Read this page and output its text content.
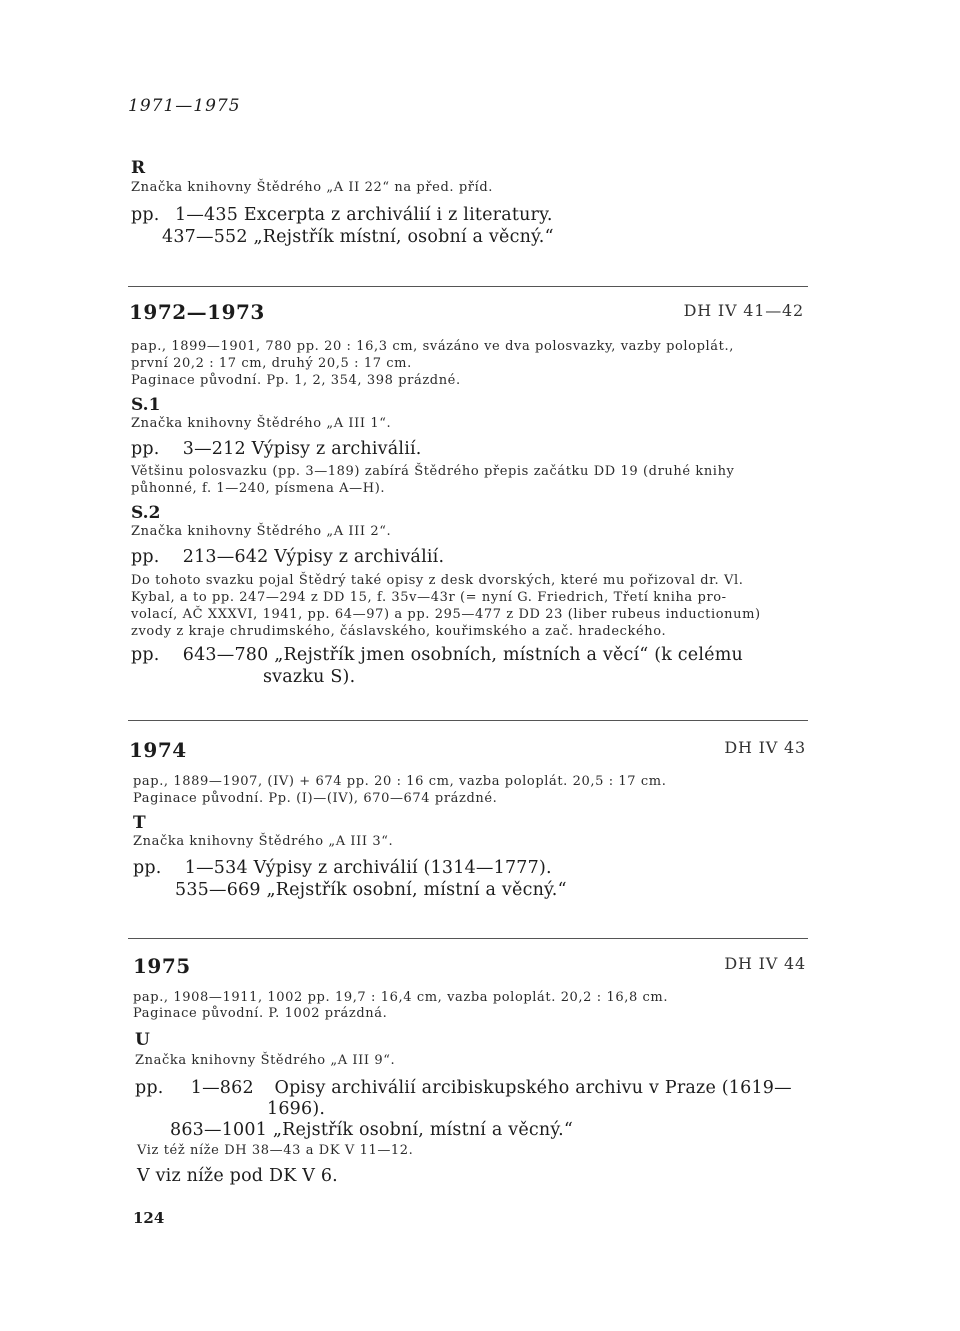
1971—1975
R
Značka knihovny Štědrého „A II 22“ na před. příd.
pp. 1—435 Excerpta z archiválií i z literatury.
437—552 „Rejstřík místní, osobní a věcný.“
1972—1973	DH IV 41—42
pap., 1899—1901, 780 pp. 20 : 16,3 cm, svázáno ve dva polosvazky, vazby poloplát.,
první 20,2 : 17 cm, druhý 20,5 : 17 cm.
Paginace původní. Pp. 1, 2, 354, 398 prázdné.
S.1
Značka knihovny Štědrého „A III 1“.
pp. 3—212 Výpisy z archiválií.
Většinu polosvazku (pp. 3—189) zabírá Štědrého přepis začátku DD 19 (druhé knihy
půhonné, f. 1—240, písmena A—H).
S.2
Značka knihovny Štědrého „A III 2“.
pp. 213—642 Výpisy z archiválií.
Do tohoto svazku pojal Štědrý také opisy z desk dvorských, které mu pořizoval dr. Vl.
Kybal, a to pp. 247—294 z DD 15, f. 35v—43r (= nyní G. Friedrich, Třetí kniha pro-
volací, AČ XXXVI, 1941, pp. 64—97) a pp. 295—477 z DD 23 (liber rubeus inductionum)
zvody z kraje chrudimského, čáslavského, kouřimského a zač. hradeckého.
pp. 643—780 „Rejstřík jmen osobních, místních a věcí“ (k celému
svazku S).
1974	DH IV 43
pap., 1889—1907, (IV) + 674 pp. 20 : 16 cm, vazba poloplát. 20,5 : 17 cm.
Paginace původní. Pp. (I)—(IV), 670—674 prázdné.
T
Značka knihovny Štědrého „A III 3“.
pp. 1—534 Výpisy z archiválií (1314—1777).
535—669 „Rejstřík osobní, místní a věcný.“
1975	DH IV 44
pap., 1908—1911, 1002 pp. 19,7 : 16,4 cm, vazba poloplát. 20,2 : 16,8 cm.
Paginace původní. P. 1002 prázdná.
U
Značka knihovny Štědrého „A III 9“.
pp. 1—862 Opisy archiválií arcibiskupského archivu v Praze (1619—
1696).
863—1001 „Rejstřík osobní, místní a věcný.“
Viz též níže DH 38—43 a DK V 11—12.
V viz níže pod DK V 6.
124
